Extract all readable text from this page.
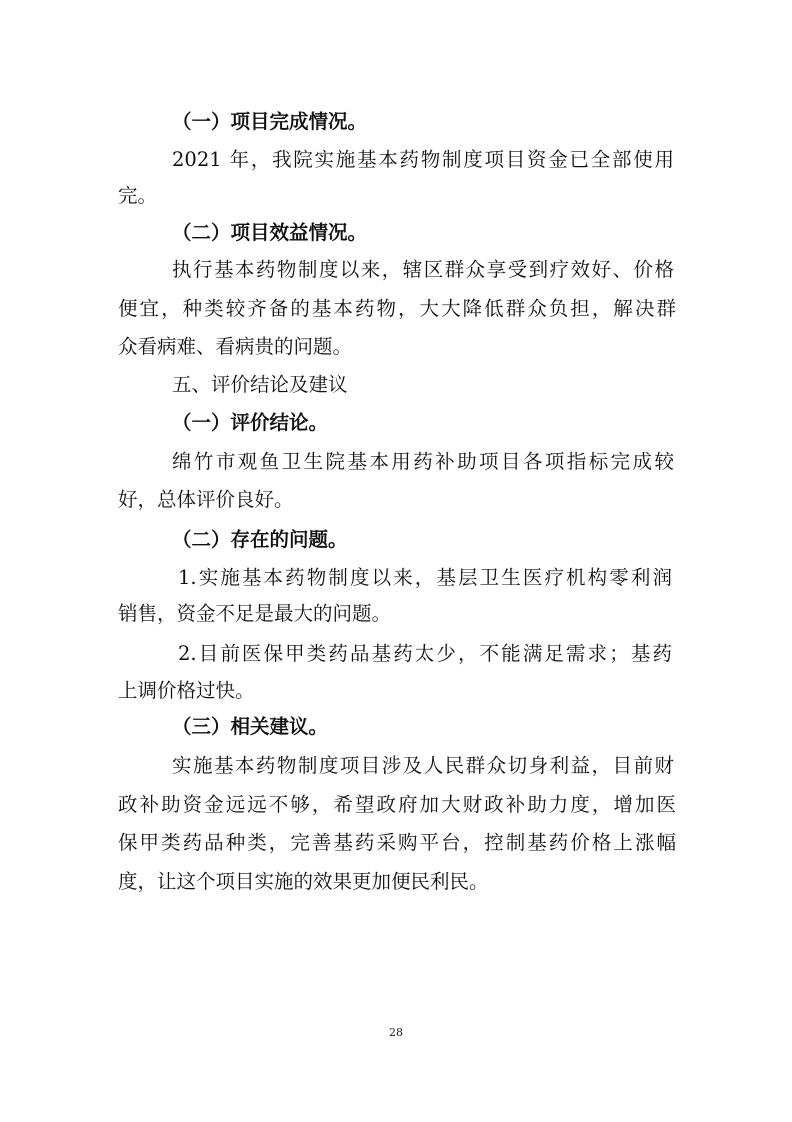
（一）项目完成情况。
2021 年，我院实施基本药物制度项目资金已全部使用
完。
（二）项目效益情况。
执行基本药物制度以来，辖区群众享受到疗效好、价格
便宜，种类较齐备的基本药物，大大降低群众负担，解决群
众看病难、看病贵的问题。
五、评价结论及建议
（一）评价结论。
绵竹市观鱼卫生院基本用药补助项目各项指标完成较
好，总体评价良好。
（二）存在的问题。
1.实施基本药物制度以来，基层卫生医疗机构零利润
销售，资金不足是最大的问题。
2.目前医保甲类药品基药太少，不能满足需求；基药
上调价格过快。
（三）相关建议。
实施基本药物制度项目涉及人民群众切身利益，目前财
政补助资金远远不够，希望政府加大财政补助力度，增加医
保甲类药品种类，完善基药采购平台，控制基药价格上涨幅
度，让这个项目实施的效果更加便民利民。
28
